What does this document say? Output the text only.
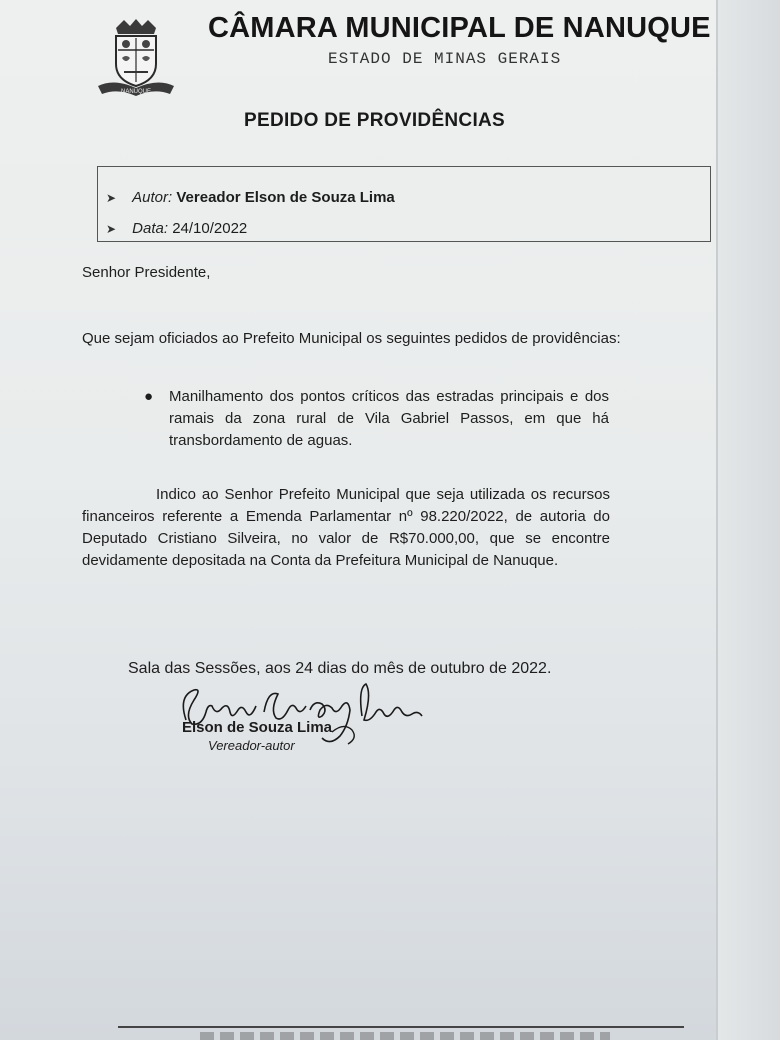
NANUQUE
CÂMARA MUNICIPAL DE NANUQUE
ESTADO DE MINAS GERAIS
PEDIDO DE PROVIDÊNCIAS
➤ Autor: Vereador Elson de Souza Lima
➤ Data: 24/10/2022
Senhor Presidente,
Que sejam oficiados ao Prefeito Municipal os seguintes pedidos de providências:
● Manilhamento dos pontos críticos das estradas principais e dos ramais da zona rural de Vila Gabriel Passos, em que há transbordamento de aguas.
Indico ao Senhor Prefeito Municipal que seja utilizada os recursos financeiros referente a Emenda Parlamentar nº 98.220/2022, de autoria do Deputado Cristiano Silveira, no valor de R$70.000,00, que se encontre devidamente depositada na Conta da Prefeitura Municipal de Nanuque.
Sala das Sessões, aos 24 dias do mês de outubro de 2022.
Elson de Souza Lima
Vereador-autor
